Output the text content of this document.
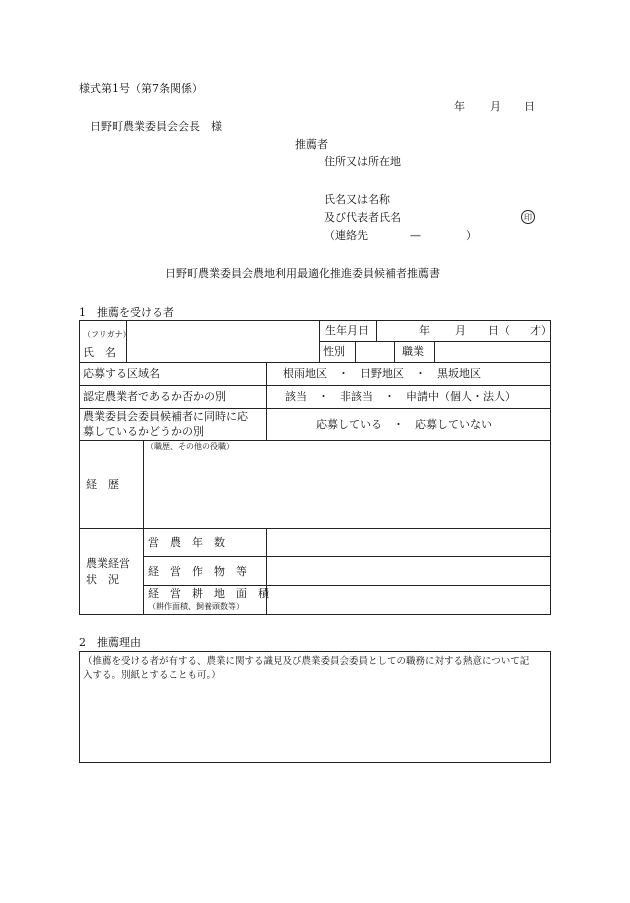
様式第1号（第7条関係）
年 月 日
日野町農業委員会会長　様
推薦者
住所又は所在地
氏名又は名称
及び代表者氏名	印
（連絡先	—	）
日野町農業委員会農地利用最適化推進委員候補者推薦書
1　推薦を受ける者
（フリガナ）
氏　名
生年月日	年 月 日（ 才）
性別	職業
応募する区域名	根雨地区　・　日野地区　・　黒坂地区
認定農業者であるか否かの別	該当　・　非該当　・　申請中（個人・法人）
農業委員会委員候補者に同時に応
募しているかどうかの別
応募している　・　応募していない
経　歴
（職歴、その他の役職）
農業経営
状　況
営　農　年　数
経　営　作　物　等
経　営　耕　地　面　積
（耕作面積、飼養頭数等）
2　推薦理由
（推薦を受ける者が有する、農業に関する識見及び農業委員会委員としての職務に対する熱意について記
入する。別紙とすることも可。）
